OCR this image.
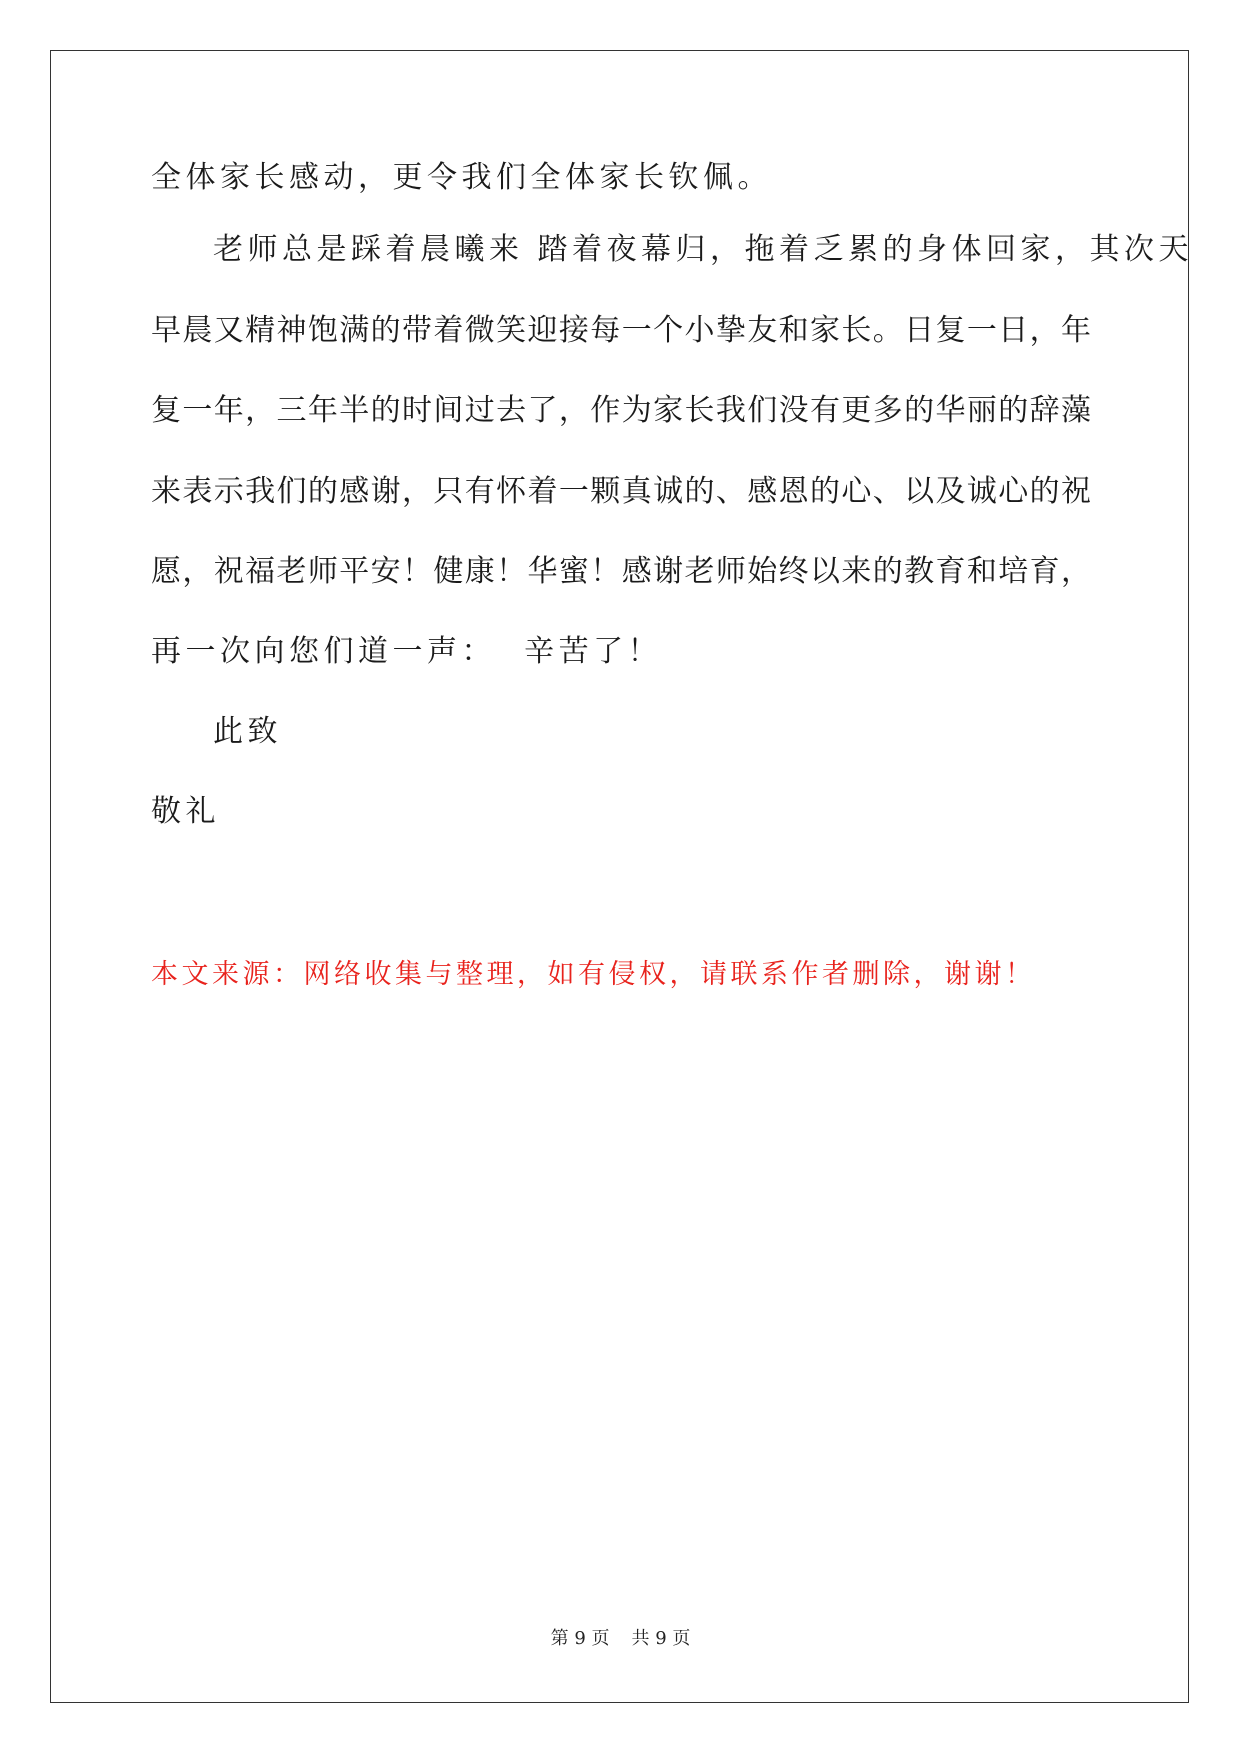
全体家长感动，更令我们全体家长钦佩。
老师总是踩着晨曦来 踏着夜幕归，拖着乏累的身体回家，其次天
早晨又精神饱满的带着微笑迎接每一个小挚友和家长。日复一日，年
复一年，三年半的时间过去了，作为家长我们没有更多的华丽的辞藻
来表示我们的感谢，只有怀着一颗真诚的、感恩的心、以及诚心的祝
愿，祝福老师平安！健康！华蜜！感谢老师始终以来的教育和培育，
再一次向您们道一声：  辛苦了！
此致
敬礼
本文来源：网络收集与整理，如有侵权，请联系作者删除，谢谢！
第 9 页 共 9 页
